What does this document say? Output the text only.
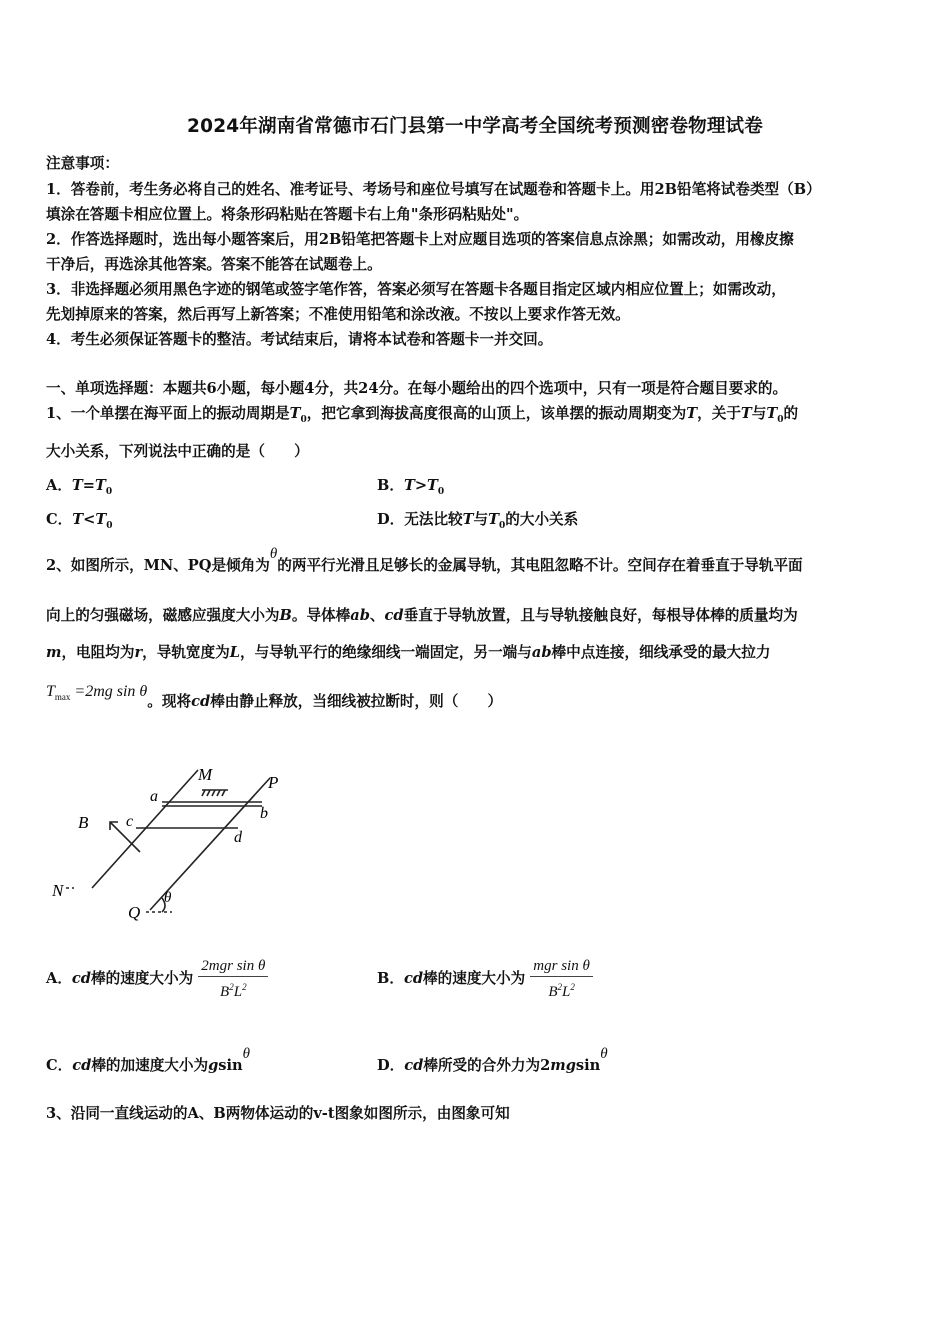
2024年湖南省常德市石门县第一中学高考全国统考预测密卷物理试卷
注意事项：
1．答卷前，考生务必将自己的姓名、准考证号、考场号和座位号填写在试题卷和答题卡上。用2B铅笔将试卷类型（B）
填涂在答题卡相应位置上。将条形码粘贴在答题卡右上角"条形码粘贴处"。
2．作答选择题时，选出每小题答案后，用2B铅笔把答题卡上对应题目选项的答案信息点涂黑；如需改动，用橡皮擦
干净后，再选涂其他答案。答案不能答在试题卷上。
3．非选择题必须用黑色字迹的钢笔或签字笔作答，答案必须写在答题卡各题目指定区域内相应位置上；如需改动，
先划掉原来的答案，然后再写上新答案；不准使用铅笔和涂改液。不按以上要求作答无效。
4．考生必须保证答题卡的整洁。考试结束后，请将本试卷和答题卡一并交回。
一、单项选择题：本题共6小题，每小题4分，共24分。在每小题给出的四个选项中，只有一项是符合题目要求的。
1、一个单摆在海平面上的振动周期是$T_0$，把它拿到海拔高度很高的山顶上，该单摆的振动周期变为T，关于T与$T_0$的
大小关系，下列说法中正确的是（　　）
A．$T=T_0$	B．$T>T_0$
C．$T<T_0$	D．无法比较T与$T_0$的大小关系
2、如图所示，MN、PQ是倾角为θ的两平行光滑且足够长的金属导轨，其电阻忽略不计。空间存在着垂直于导轨平面
向上的匀强磁场，磁感应强度大小为B。导体棒ab、cd垂直于导轨放置，且与导轨接触良好，每根导体棒的质量均为
m，电阻均为r，导轨宽度为L，与导轨平行的绝缘细线一端固定，另一端与ab棒中点连接，细线承受的最大拉力
$T_{max} =2mg$ sin θ。现将cd棒由静止释放，当细线被拉断时，则（　　）
M	P
a
b
B c
d
N
Q
θ
A．cd棒的速度大小为 $\frac{\text{2mgr sin θ}}{B^2L^2}$	B．cd棒的速度大小为 $\frac{\text{mgr sin θ}}{B^2L^2}$
C．cd棒的加速度大小为gsinθ
D．cd棒所受的合外力为2mgsinθ
3、沿同一直线运动的A、B两物体运动的v-t图象如图所示，由图象可知
